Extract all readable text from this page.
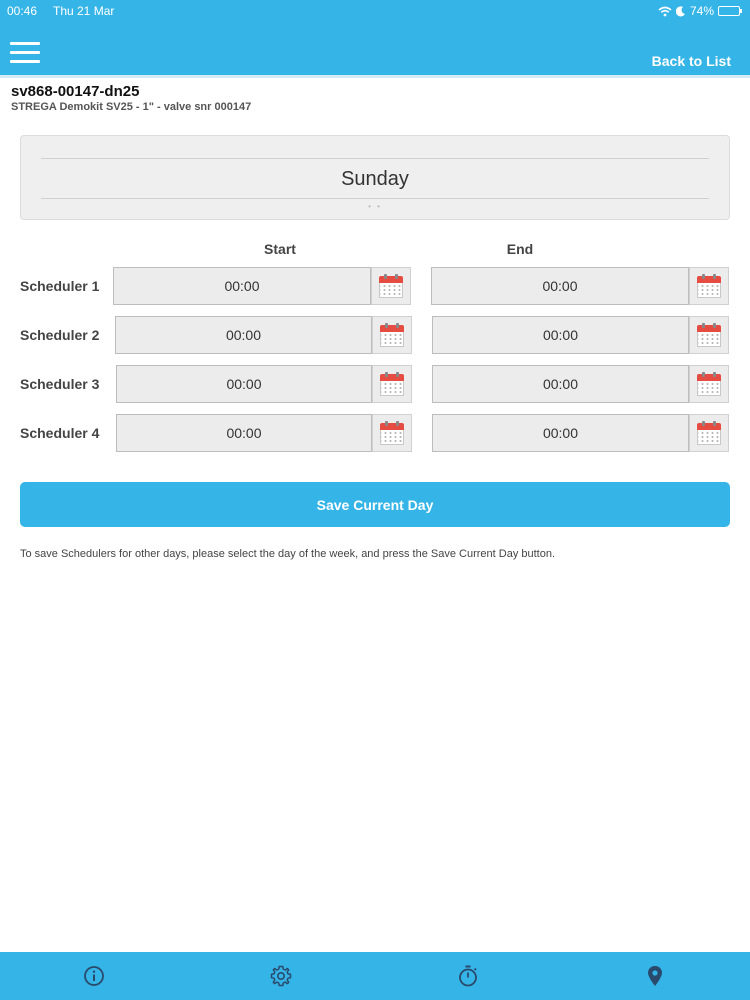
00:46 Thu 21 Mar	74%
Back to List
sv868-00147-dn25
STREGA Demokit SV25 - 1" - valve snr 000147
Sunday
• •
Start	End
Scheduler 1	00:00	00:00
Scheduler 2	00:00	00:00
Scheduler 3	00:00	00:00
Scheduler 4	00:00	00:00
Save Current Day
To save Schedulers for other days, please select the day of the week, and press the Save Current Day button.
